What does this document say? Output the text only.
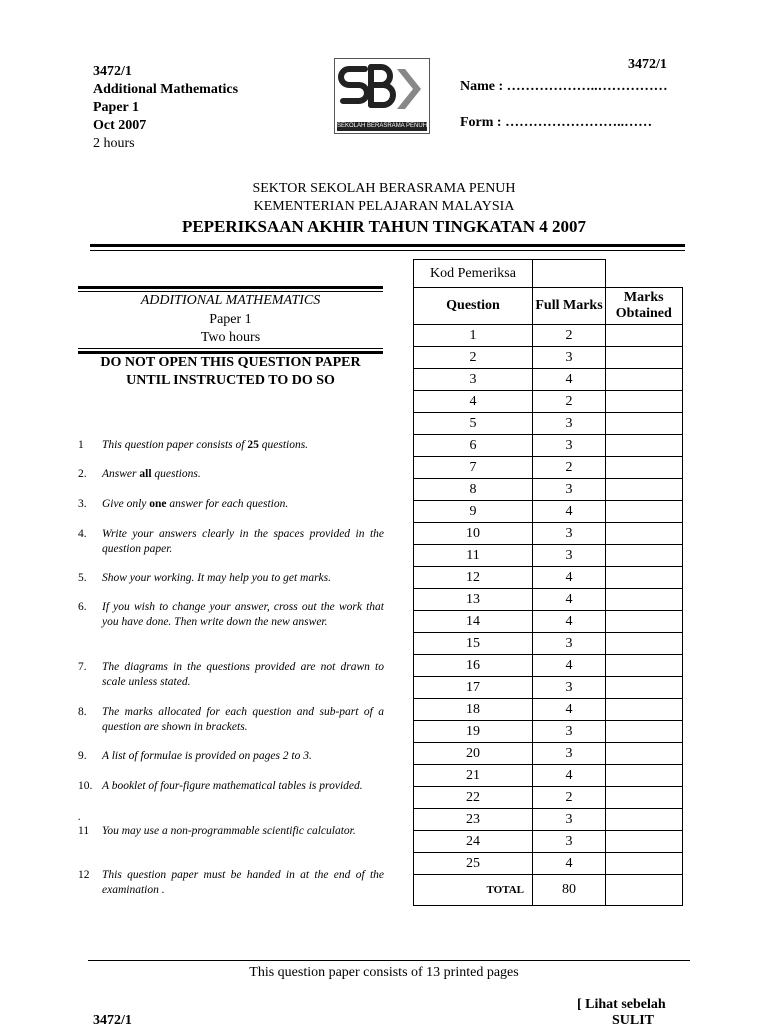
3472/1
Additional Mathematics
Paper 1
Oct 2007
2 hours
SEKOLAH BERASRAMA PENUH
3472/1
Name : ………………..……………
Form : ……………………..……
SEKTOR SEKOLAH BERASRAMA PENUH
KEMENTERIAN PELAJARAN MALAYSIA
PEPERIKSAAN AKHIR TAHUN TINGKATAN 4 2007
ADDITIONAL MATHEMATICS
Paper 1
Two hours
DO NOT OPEN THIS QUESTION PAPER
UNTIL INSTRUCTED TO DO SO
1 This question paper consists of 25 questions.
2. Answer all questions.
3. Give only one answer for each question.
4. Write your answers clearly in the spaces provided in the question paper.
5. Show your working. It may help you to get marks.
6. If you wish to change your answer, cross out the work that you have done. Then write down the new answer.
7. The diagrams in the questions provided are not drawn to scale unless stated.
8. The marks allocated for each question and sub-part of a question are shown in brackets.
9. A list of formulae is provided on pages 2 to 3.
10. A booklet of four-figure mathematical tables is provided.
.
11 You may use a non-programmable scientific calculator.
12 This question paper must be handed in at the end of the examination .
Kod Pemeriksa		
Question	Full Marks	Marks Obtained
1	2	
2	3	
3	4	
4	2	
5	3	
6	3	
7	2	
8	3	
9	4	
10	3	
11	3	
12	4	
13	4	
14	4	
15	3	
16	4	
17	3	
18	4	
19	3	
20	3	
21	4	
22	2	
23	3	
24	3	
25	4	
TOTAL	80	
This question paper consists of 13 printed pages
[ Lihat sebelah
3472/1	SULIT
